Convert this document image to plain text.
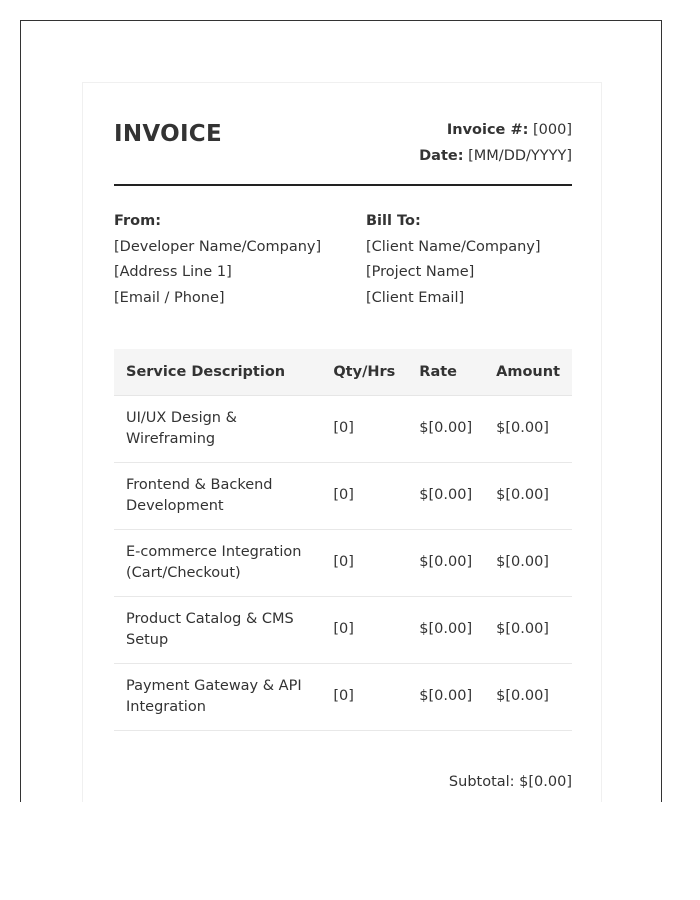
INVOICE	Invoice #: [000]
Date: [MM/DD/YYYY]
From:
[Developer Name/Company]
[Address Line 1]
[Email / Phone]
Bill To:
[Client Name/Company]
[Project Name]
[Client Email]
Service Description	Qty/Hrs	Rate	Amount
UI/UX Design & Wireframing	[0]	$[0.00]	$[0.00]
Frontend & Backend Development	[0]	$[0.00]	$[0.00]
E-commerce Integration (Cart/Checkout)	[0]	$[0.00]	$[0.00]
Product Catalog & CMS Setup	[0]	$[0.00]	$[0.00]
Payment Gateway & API Integration	[0]	$[0.00]	$[0.00]
Subtotal: $[0.00]
